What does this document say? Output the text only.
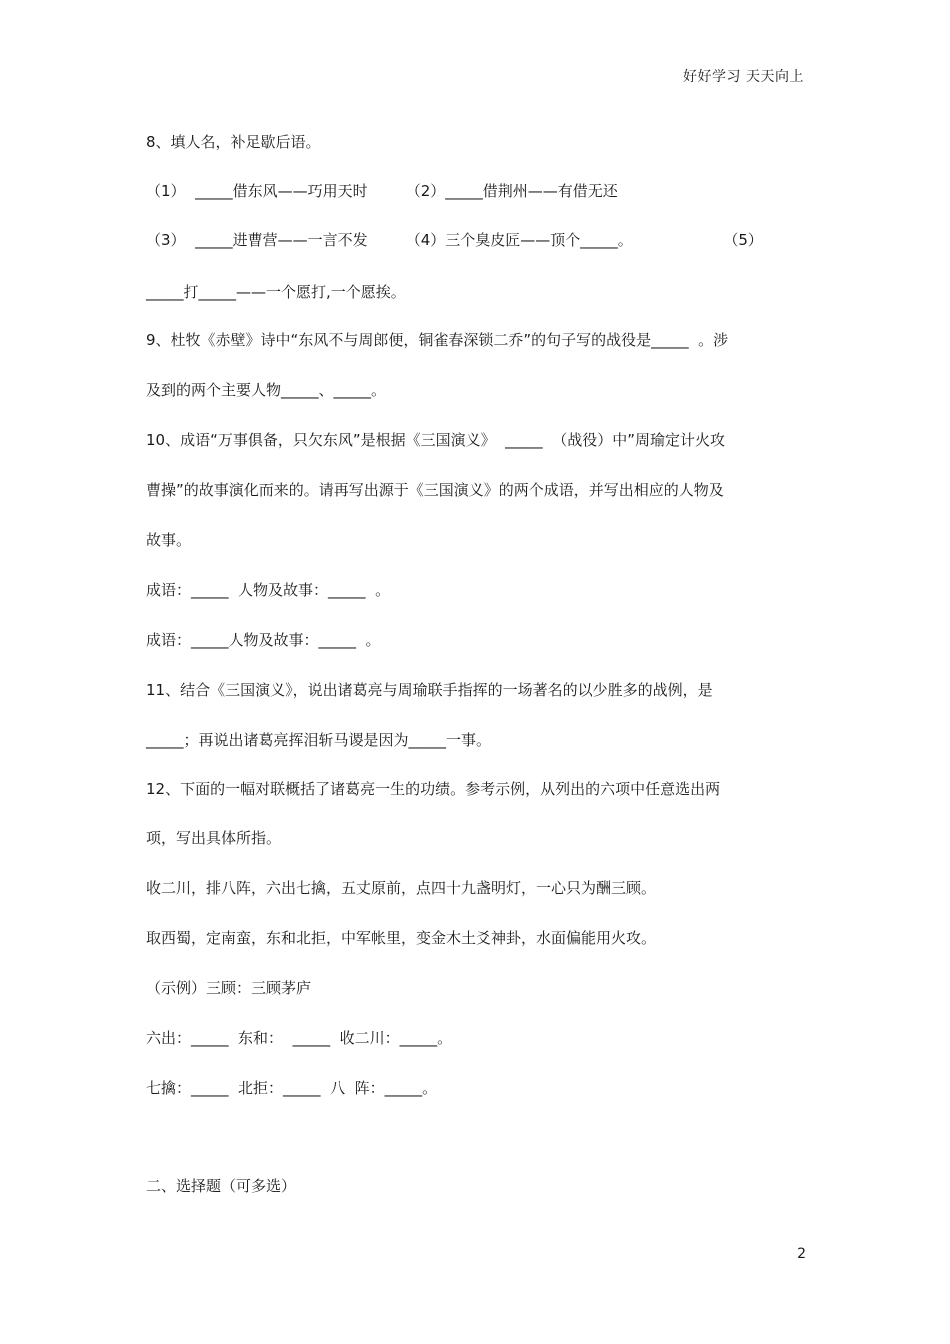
好好学习 天天向上
8、填人名，补足歇后语。
（1）  _____借东风——巧用天时        （2）_____借荆州——有借无还
（3）  _____进曹营——一言不发        （4）三个臭皮匠——顶个_____。                   （5）
_____打_____——一个愿打,一个愿挨。
9、杜牧《赤壁》诗中“东风不与周郎便，铜雀春深锁二乔”的句子写的战役是_____  。涉
及到的两个主要人物_____、_____。
10、成语“万事俱备，只欠东风”是根据《三国演义》  _____  （战役）中”周瑜定计火攻
曹操”的故事演化而来的。请再写出源于《三国演义》的两个成语，并写出相应的人物及
故事。
成语：_____  人物及故事：_____  。
成语：_____人物及故事：_____  。
11、结合《三国演义》，说出诸葛亮与周瑜联手指挥的一场著名的以少胜多的战例，是
_____；再说出诸葛亮挥泪斩马谡是因为_____一事。
12、下面的一幅对联概括了诸葛亮一生的功绩。参考示例，从列出的六项中任意选出两
项，写出具体所指。
收二川，排八阵，六出七擒，五丈原前，点四十九盏明灯，一心只为酬三顾。
取西蜀，定南蛮，东和北拒，中军帐里，变金木土爻神卦，水面偏能用火攻。
（示例）三顾：三顾茅庐
六出：_____  东和：  _____  收二川：_____。
七擒：_____  北拒：_____  八  阵：_____。
二、选择题（可多选）
2
